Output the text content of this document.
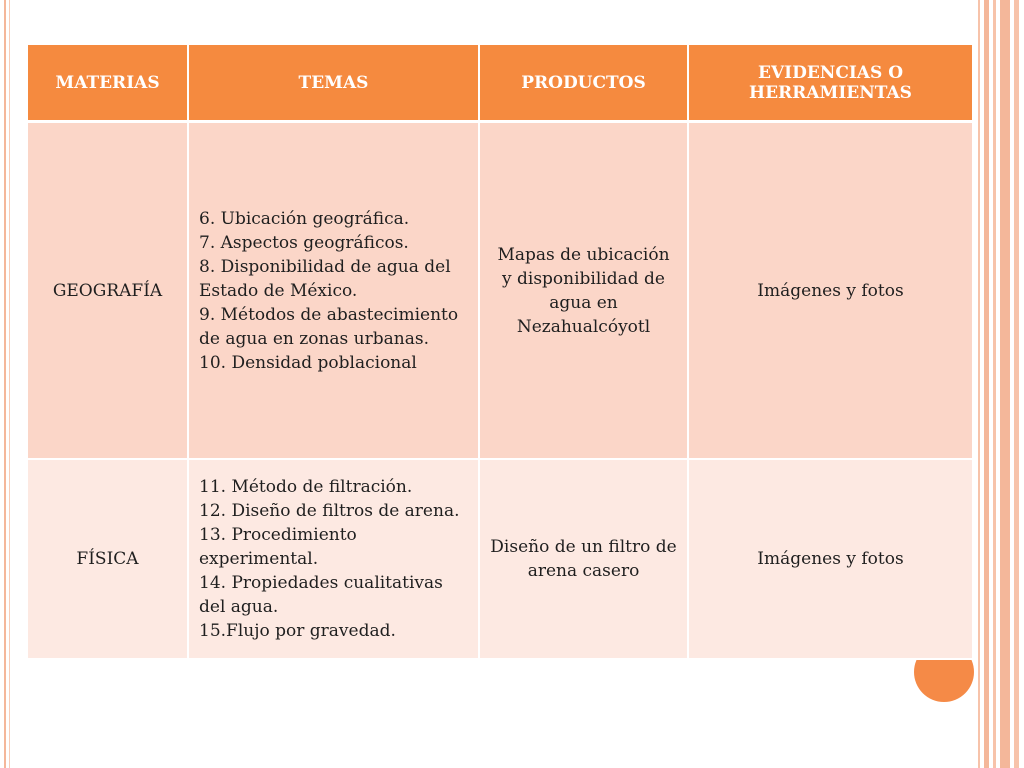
MATERIAS	TEMAS	PRODUCTOS	EVIDENCIAS O HERRAMIENTAS
GEOGRAFÍA	6. Ubicación geográfica.
7. Aspectos geográficos.
8. Disponibilidad de agua del Estado de México.
9. Métodos de abastecimiento de agua en zonas urbanas.
10. Densidad poblacional	Mapas de ubicación y disponibilidad de agua en Nezahualcóyotl	Imágenes y fotos
FÍSICA	11. Método de filtración.
12. Diseño de filtros de arena.
13. Procedimiento experimental.
14. Propiedades cualitativas del agua.
15.Flujo por gravedad.	Diseño de un filtro de arena casero	Imágenes y fotos
